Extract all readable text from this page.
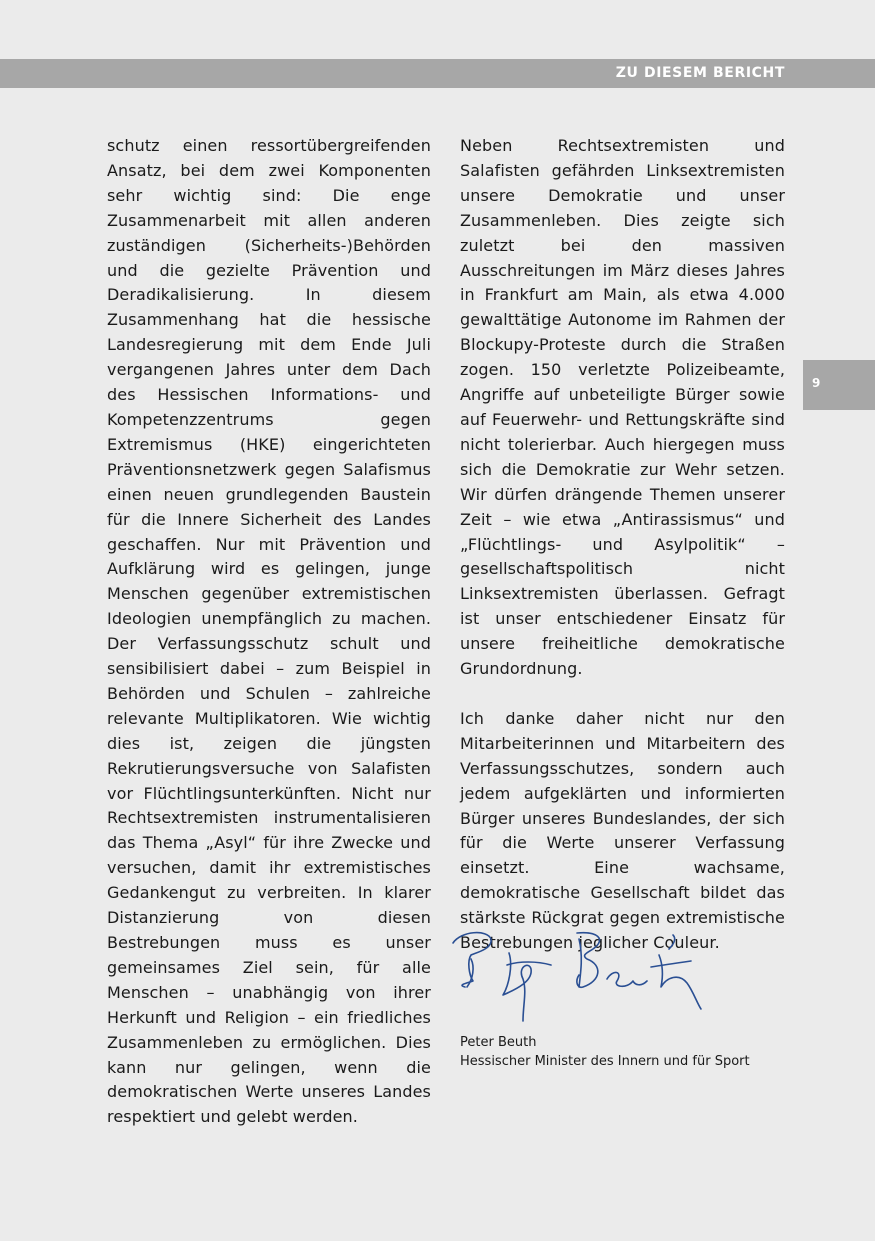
ZU DIESEM BERICHT
9

schutz einen ressortübergreifenden Ansatz, bei dem zwei Komponenten sehr wichtig sind: Die enge Zusammenarbeit mit allen anderen zuständigen (Sicherheits-)Behörden und die gezielte Prävention und Deradikalisierung. In diesem Zusammenhang hat die hessische Landesregierung mit dem Ende Juli vergangenen Jahres unter dem Dach des Hessischen Informations- und Kompetenzzentrums gegen Extremismus (HKE) eingerichteten Präventionsnetzwerk gegen Salafismus einen neuen grundlegenden Baustein für die Innere Sicherheit des Landes geschaffen. Nur mit Prävention und Aufklärung wird es gelingen, junge Menschen gegenüber extremistischen Ideologien unempfänglich zu machen. Der Verfassungsschutz schult und sensibilisiert dabei – zum Beispiel in Behörden und Schulen – zahlreiche relevante Multiplikatoren. Wie wichtig dies ist, zeigen die jüngsten Rekrutierungsversuche von Salafisten vor Flüchtlingsunterkünften. Nicht nur Rechtsextremisten instrumentalisieren das Thema „Asyl“ für ihre Zwecke und versuchen, damit ihr extremistisches Gedankengut zu verbreiten. In klarer Distanzierung von diesen Bestrebungen muss es unser gemeinsames Ziel sein, für alle Menschen – unabhängig von ihrer Herkunft und Religion – ein friedliches Zusammenleben zu ermöglichen. Dies kann nur gelingen, wenn die demokratischen Werte unseres Landes respektiert und gelebt werden.

Neben Rechtsextremisten und Salafisten gefährden Linksextremisten unsere Demokratie und unser Zusammenleben. Dies zeigte sich zuletzt bei den massiven Ausschreitungen im März dieses Jahres in Frankfurt am Main, als etwa 4.000 gewalttätige Autonome im Rahmen der Blockupy-Proteste durch die Straßen zogen. 150 verletzte Polizeibeamte, Angriffe auf unbeteiligte Bürger sowie auf Feuerwehr- und Rettungskräfte sind nicht tolerierbar. Auch hiergegen muss sich die Demokratie zur Wehr setzen. Wir dürfen drängende Themen unserer Zeit – wie etwa „Antirassismus“ und „Flüchtlings- und Asylpolitik“ – gesellschaftspolitisch nicht Linksextremisten überlassen. Gefragt ist unser entschiedener Einsatz für unsere freiheitliche demokratische Grundordnung.

Ich danke daher nicht nur den Mitarbeiterinnen und Mitarbeitern des Verfassungsschutzes, sondern auch jedem aufgeklärten und informierten Bürger unseres Bundeslandes, der sich für die Werte unserer Verfassung einsetzt. Eine wachsame, demokratische Gesellschaft bildet das stärkste Rückgrat gegen extremistische Bestrebungen jeglicher Couleur.

Peter Beuth
Hessischer Minister des Innern und für Sport
